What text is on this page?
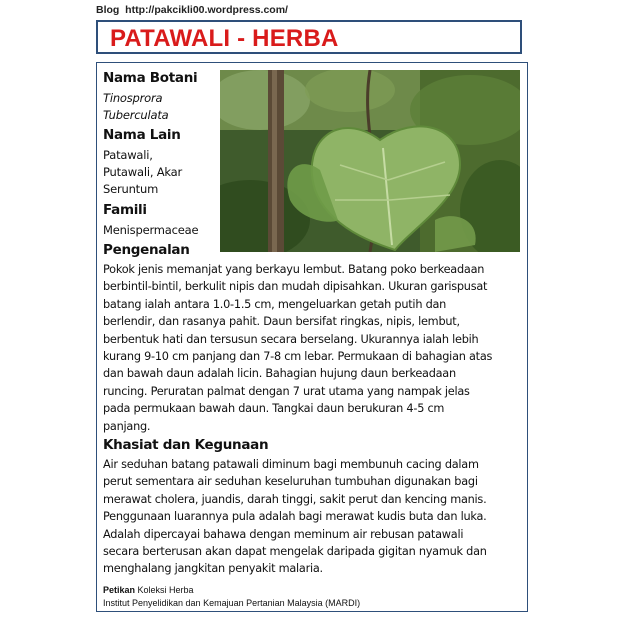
Blog http://pakcikli00.wordpress.com/
PATAWALI - HERBA
Nama Botani
Tinosprora
Tuberculata
Nama Lain
Patawali,
Putawali, Akar
Seruntum
Famili
Menispermaceae
Pengenalan
Pokok jenis memanjat yang berkayu lembut. Batang poko berkeadaan
berbintil-bintil, berkulit nipis dan mudah dipisahkan. Ukuran garispusat
batang ialah antara 1.0-1.5 cm, mengeluarkan getah putih dan
berlendir, dan rasanya pahit. Daun bersifat ringkas, nipis, lembut,
berbentuk hati dan tersusun secara berselang. Ukurannya ialah lebih
kurang 9-10 cm panjang dan 7-8 cm lebar. Permukaan di bahagian atas
dan bawah daun adalah licin. Bahagian hujung daun berkeadaan
runcing. Peruratan palmat dengan 7 urat utama yang nampak jelas
pada permukaan bawah daun. Tangkai daun berukuran 4-5 cm
panjang.
Khasiat dan Kegunaan
Air seduhan batang patawali diminum bagi membunuh cacing dalam
perut sementara air seduhan keseluruhan tumbuhan digunakan bagi
merawat cholera, juandis, darah tinggi, sakit perut dan kencing manis.
Penggunaan luarannya pula adalah bagi merawat kudis buta dan luka.
Adalah dipercayai bahawa dengan meminum air rebusan patawali
secara berterusan akan dapat mengelak daripada gigitan nyamuk dan
menghalang jangkitan penyakit malaria.
Petikan Koleksi Herba
Institut Penyelidikan dan Kemajuan Pertanian Malaysia (MARDI)
